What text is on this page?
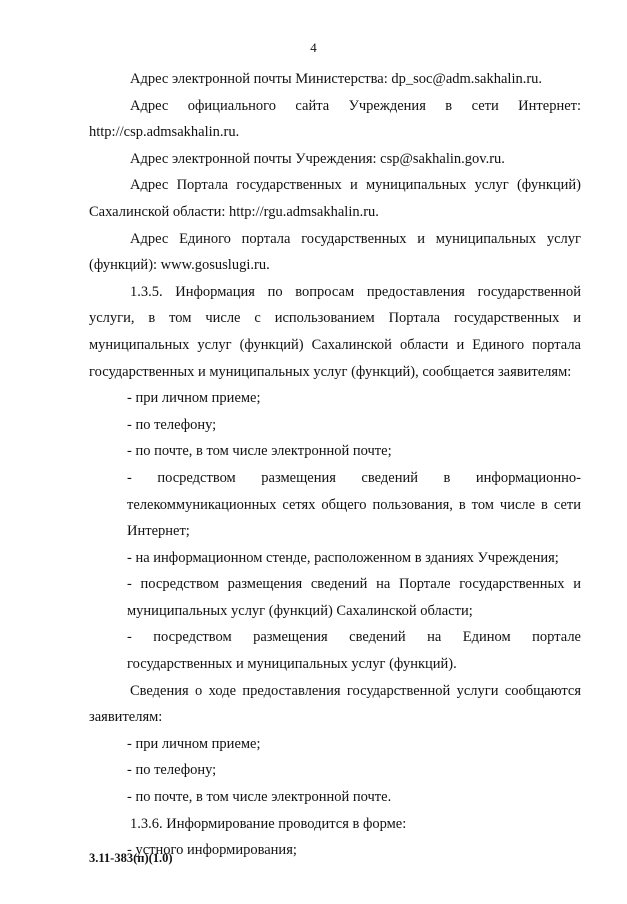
4

Адрес электронной почты Министерства: dp_soc@adm.sakhalin.ru.

Адрес официального сайта Учреждения в сети Интернет: http://csp.admsakhalin.ru.

Адрес электронной почты Учреждения: csp@sakhalin.gov.ru.

Адрес Портала государственных и муниципальных услуг (функций) Сахалинской области: http://rgu.admsakhalin.ru.

Адрес Единого портала государственных и муниципальных услуг (функций): www.gosuslugi.ru.

1.3.5. Информация по вопросам предоставления государственной услуги, в том числе с использованием Портала государственных и муниципальных услуг (функций) Сахалинской области и Единого портала государственных и муниципальных услуг (функций), сообщается заявителям:

- при личном приеме;

- по телефону;

- по почте, в том числе электронной почте;

- посредством размещения сведений в информационно-телекоммуникационных сетях общего пользования, в том числе в сети Интернет;

- на информационном стенде, расположенном в зданиях Учреждения;

- посредством размещения сведений на Портале государственных и муниципальных услуг (функций) Сахалинской области;

- посредством размещения сведений на Едином портале государственных и муниципальных услуг (функций).

Сведения о ходе предоставления государственной услуги сообщаются заявителям:

- при личном приеме;

- по телефону;

- по почте, в том числе электронной почте.

1.3.6. Информирование проводится в форме:

- устного информирования;

3.11-383(п)(1.0)
